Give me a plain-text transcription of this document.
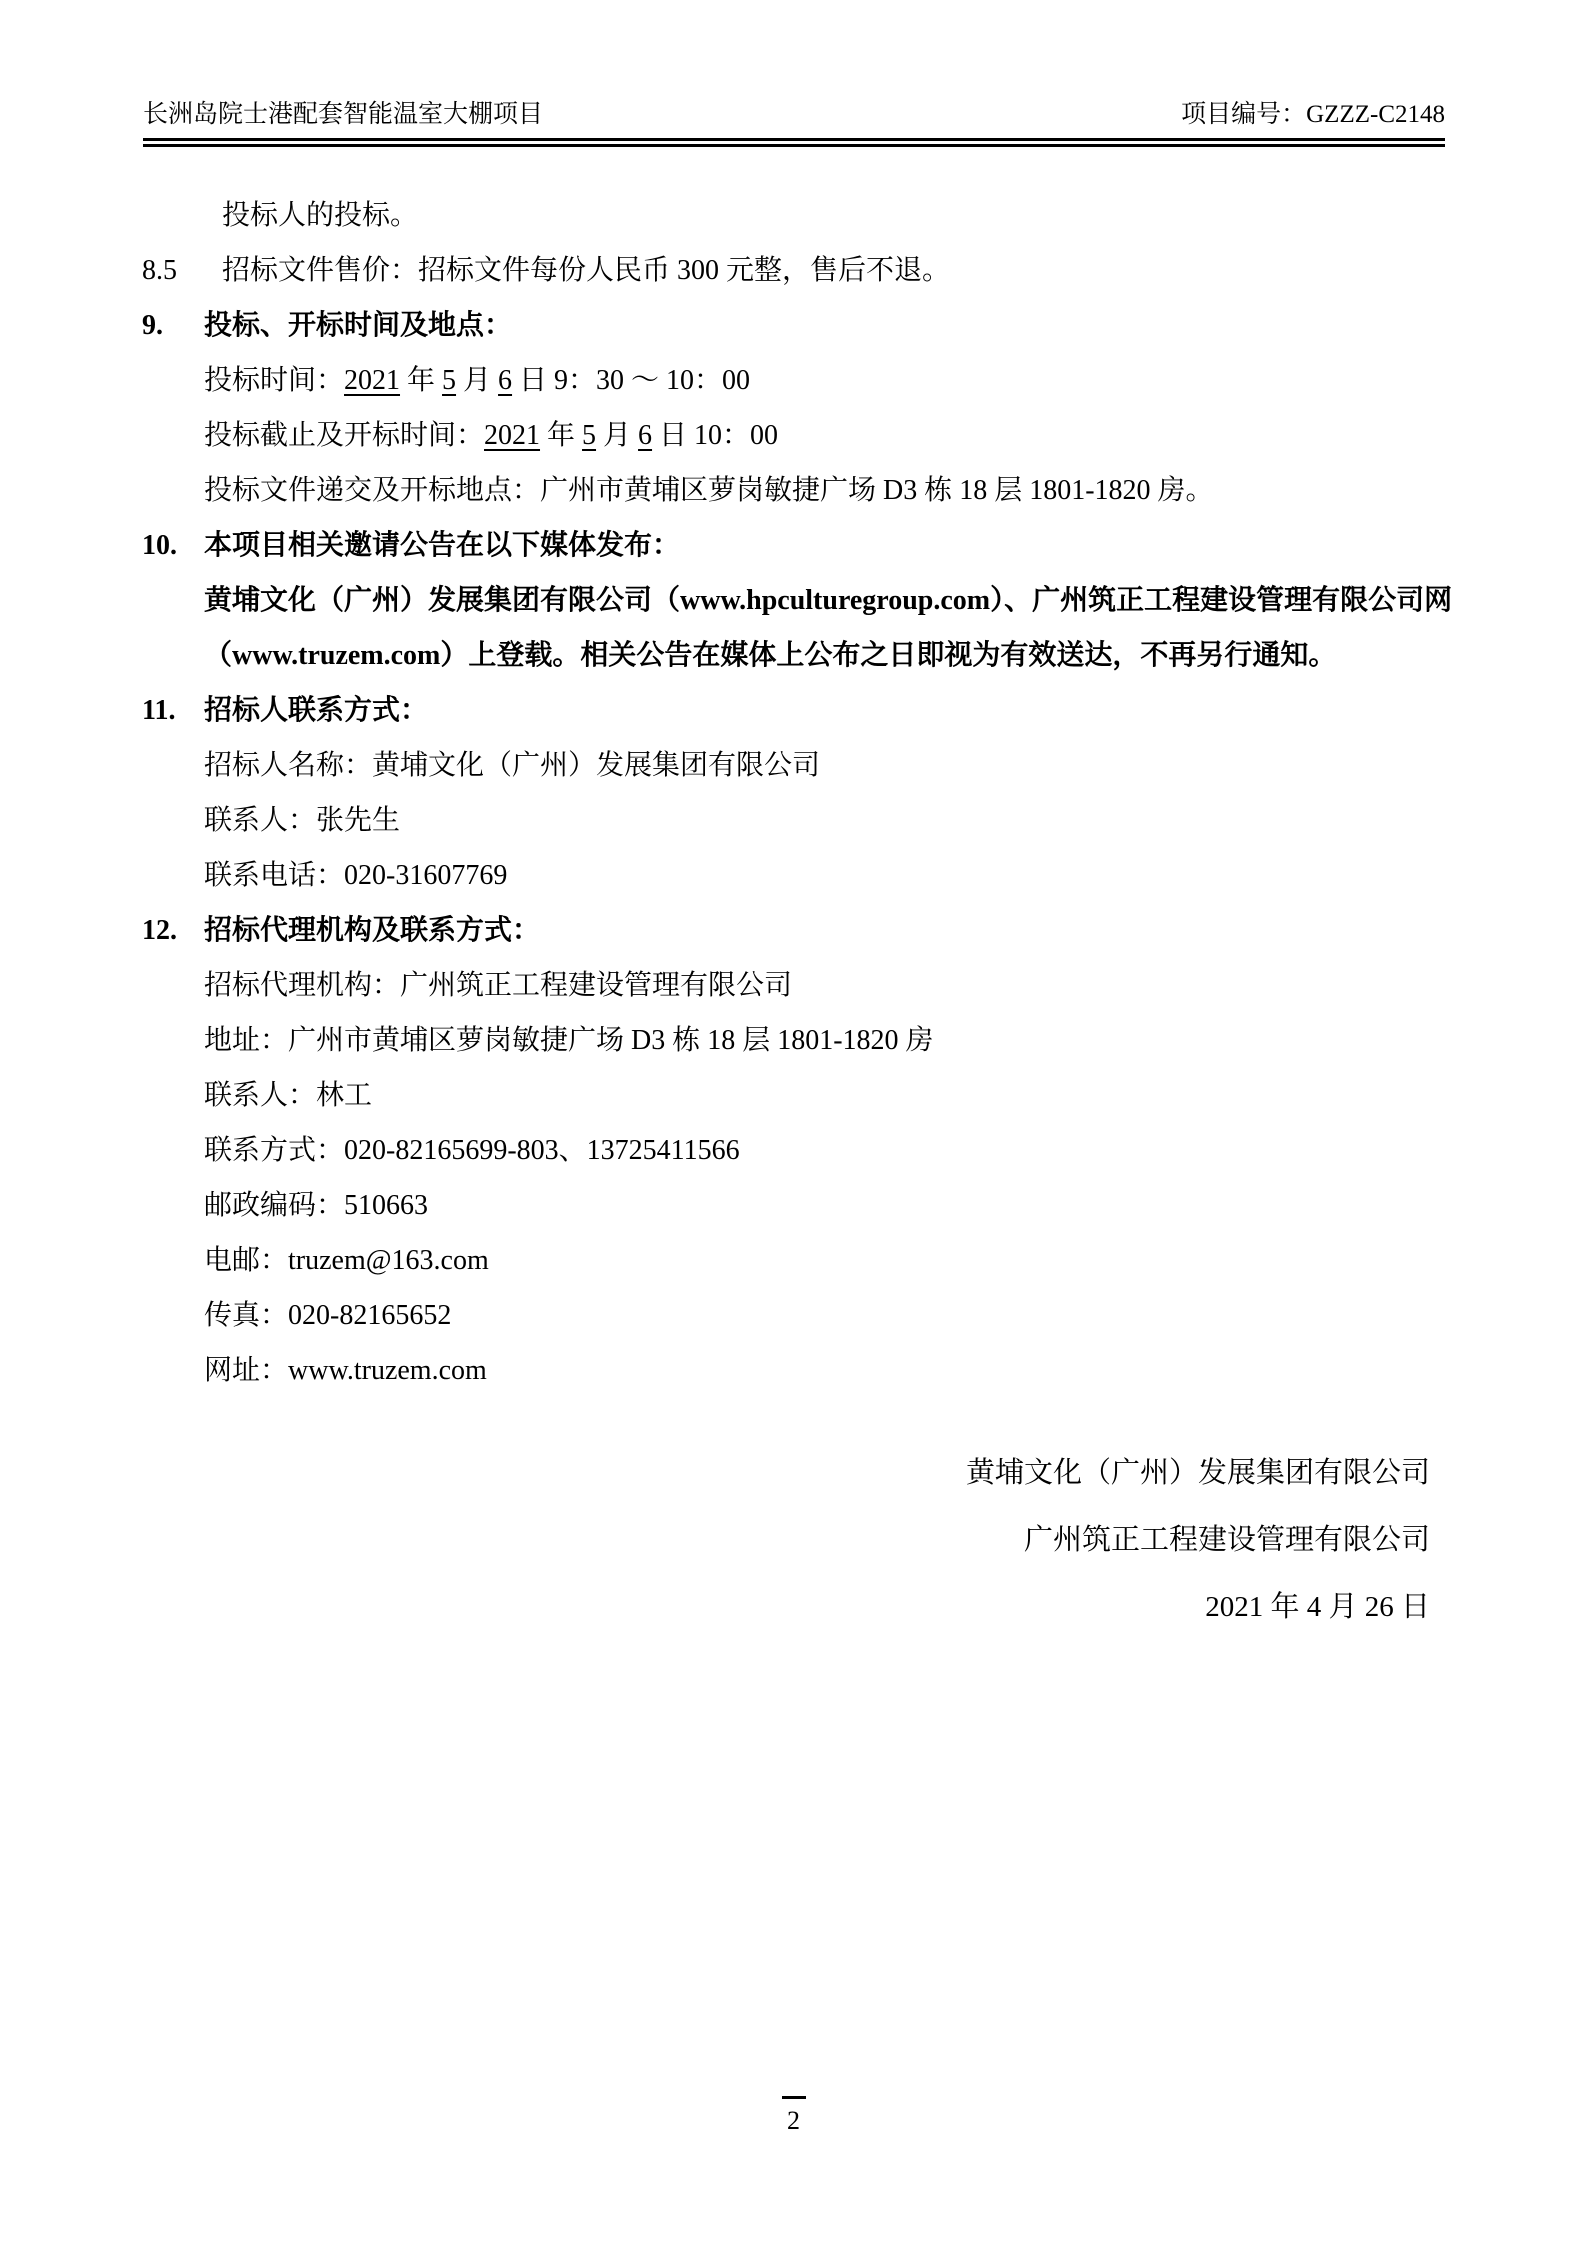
长洲岛院士港配套智能温室大棚项目	项目编号：GZZZ-C2148
投标人的投标。
8.5	招标文件售价：招标文件每份人民币 300 元整，售后不退。
9.	投标、开标时间及地点：
投标时间：2021 年 5 月 6 日 9：30 ～ 10：00
投标截止及开标时间：2021 年 5 月 6 日 10：00
投标文件递交及开标地点：广州市黄埔区萝岗敏捷广场 D3 栋 18 层 1801-1820 房。
10. 本项目相关邀请公告在以下媒体发布：
黄埔文化（广州）发展集团有限公司（www.hpculturegroup.com）、广州筑正工程建设管理有限公司网
（www.truzem.com）上登载。相关公告在媒体上公布之日即视为有效送达，不再另行通知。
11.	招标人联系方式：
招标人名称：黄埔文化（广州）发展集团有限公司
联系人：张先生
联系电话：020-31607769
12. 招标代理机构及联系方式：
招标代理机构：广州筑正工程建设管理有限公司
地址：广州市黄埔区萝岗敏捷广场 D3 栋 18 层 1801-1820 房
联系人：林工
联系方式：020-82165699-803、13725411566
邮政编码：510663
电邮：truzem@163.com
传真：020-82165652
网址：www.truzem.com
黄埔文化（广州）发展集团有限公司
广州筑正工程建设管理有限公司
2021 年 4 月 26 日
2
